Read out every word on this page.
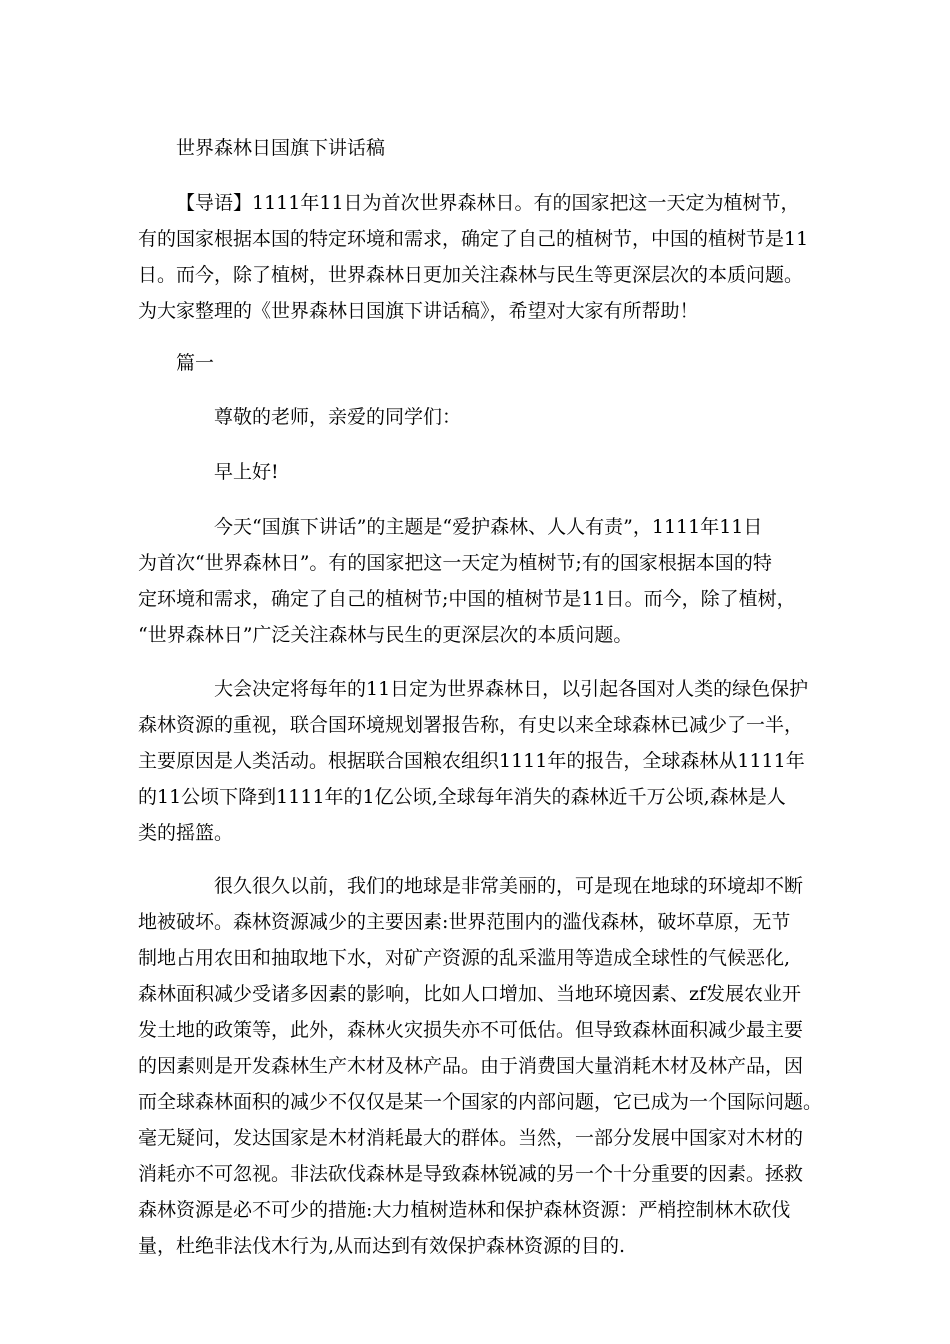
世界森林日国旗下讲话稿
【导语】1111年11日为首次世界森林日。有的国家把这一天定为植树节，
有的国家根据本国的特定环境和需求，确定了自己的植树节，中国的植树节是11
日。而今，除了植树，世界森林日更加关注森林与民生等更深层次的本质问题。
为大家整理的《世界森林日国旗下讲话稿》，希望对大家有所帮助！
篇一
尊敬的老师，亲爱的同学们：
早上好!
今天“国旗下讲话”的主题是“爱护森林、人人有责”，1111年11日
为首次“世界森林日”。有的国家把这一天定为植树节;有的国家根据本国的特
定环境和需求，确定了自己的植树节;中国的植树节是11日。而今，除了植树，
“世界森林日”广泛关注森林与民生的更深层次的本质问题。
大会决定将每年的11日定为世界森林日，以引起各国对人类的绿色保护
森林资源的重视，联合国环境规划署报告称，有史以来全球森林已减少了一半，
主要原因是人类活动。根据联合国粮农组织1111年的报告，全球森林从1111年
的11公顷下降到1111年的1亿公顷,全球每年消失的森林近千万公顷,森林是人
类的摇篮。
很久很久以前，我们的地球是非常美丽的，可是现在地球的环境却不断
地被破坏。森林资源减少的主要因素:世界范围内的滥伐森林，破坏草原，无节
制地占用农田和抽取地下水，对矿产资源的乱采滥用等造成全球性的气候恶化,
森林面积减少受诸多因素的影响，比如人口增加、当地环境因素、zf发展农业开
发土地的政策等，此外，森林火灾损失亦不可低估。但导致森林面积减少最主要
的因素则是开发森林生产木材及林产品。由于消费国大量消耗木材及林产品，因
而全球森林面积的减少不仅仅是某一个国家的内部问题，它已成为一个国际问题。
毫无疑问，发达国家是木材消耗最大的群体。当然，一部分发展中国家对木材的
消耗亦不可忽视。非法砍伐森林是导致森林锐减的另一个十分重要的因素。拯救
森林资源是必不可少的措施:大力植树造林和保护森林资源：严梢控制林木砍伐
量，杜绝非法伐木行为,从而达到有效保护森林资源的目的.
